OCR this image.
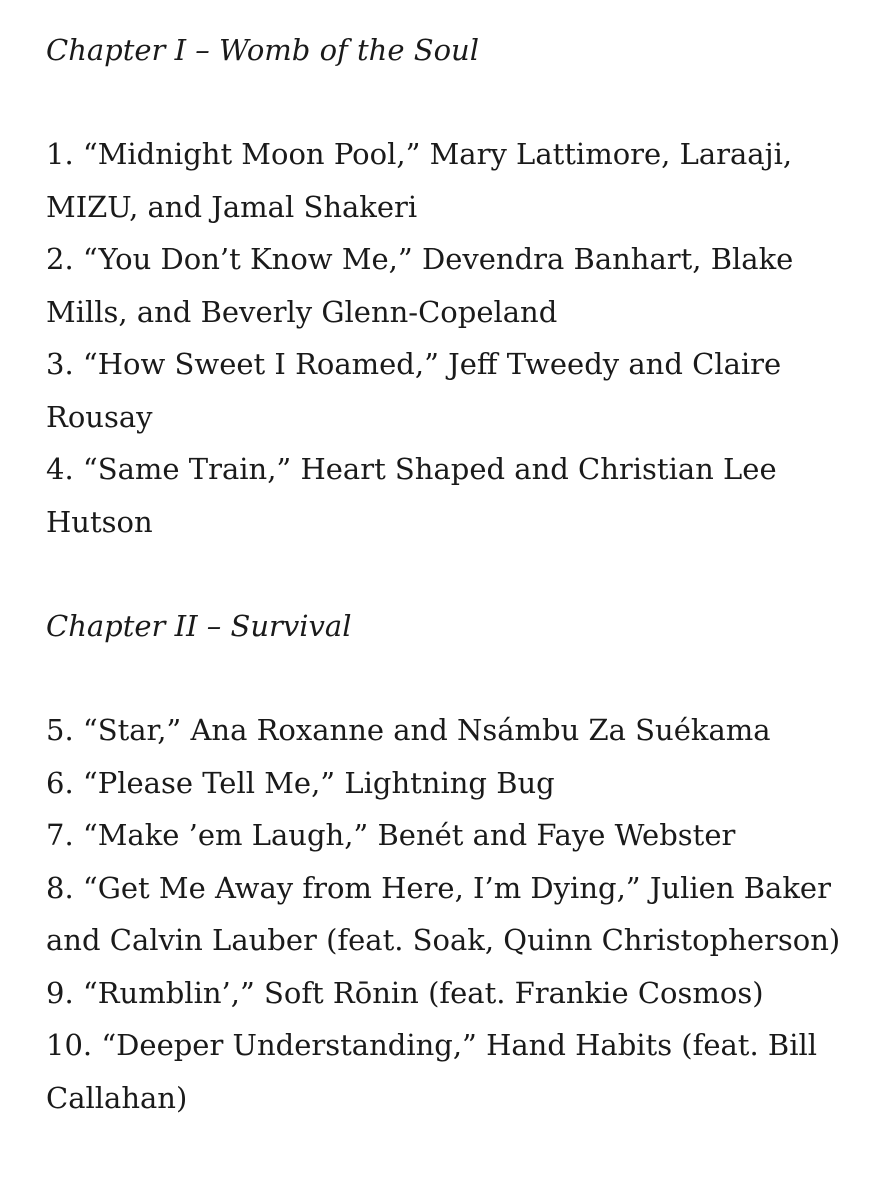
Chapter I – Womb of the Soul
1. “Midnight Moon Pool,” Mary Lattimore, Laraaji, MIZU, and Jamal Shakeri
2. “You Don’t Know Me,” Devendra Banhart, Blake Mills, and Beverly Glenn-Copeland
3. “How Sweet I Roamed,” Jeff Tweedy and Claire Rousay
4. “Same Train,” Heart Shaped and Christian Lee Hutson
Chapter II – Survival
5. “Star,” Ana Roxanne and Nsámbu Za Suékama
6. “Please Tell Me,” Lightning Bug
7. “Make ’em Laugh,” Benét and Faye Webster
8. “Get Me Away from Here, I’m Dying,” Julien Baker and Calvin Lauber (feat. Soak, Quinn Christopherson)
9. “Rumblin’,” Soft Rōnin (feat. Frankie Cosmos)
10. “Deeper Understanding,” Hand Habits (feat. Bill Callahan)
